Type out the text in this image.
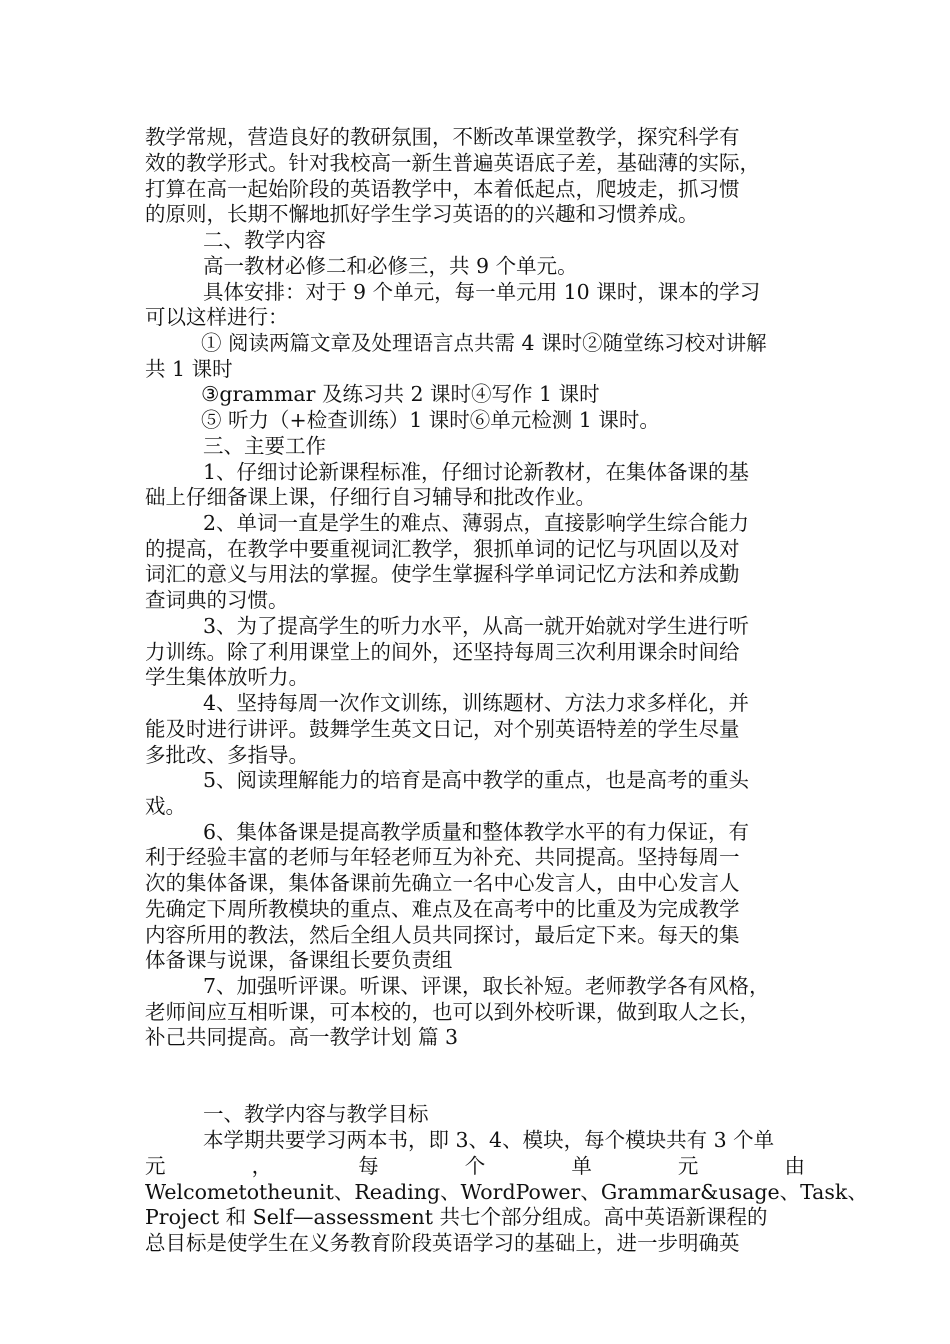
教学常规，营造良好的教研氛围，不断改革课堂教学，探究科学有

效的教学形式。针对我校高一新生普遍英语底子差，基础薄的实际，

打算在高一起始阶段的英语教学中，本着低起点，爬坡走，抓习惯

的原则，长期不懈地抓好学生学习英语的的兴趣和习惯养成。

二、教学内容

高一教材必修二和必修三，共 9 个单元。

具体安排：对于 9 个单元，每一单元用 10 课时，课本的学习

可以这样进行：

① 阅读两篇文章及处理语言点共需 4 课时②随堂练习校对讲解

共 1 课时

③grammar 及练习共 2 课时④写作 1 课时

⑤ 听力（+检查训练）1 课时⑥单元检测 1 课时。

三、主要工作

1、仔细讨论新课程标准，仔细讨论新教材，在集体备课的基

础上仔细备课上课，仔细行自习辅导和批改作业。

2、单词一直是学生的难点、薄弱点，直接影响学生综合能力

的提高，在教学中要重视词汇教学，狠抓单词的记忆与巩固以及对

词汇的意义与用法的掌握。使学生掌握科学单词记忆方法和养成勤

查词典的习惯。

3、为了提高学生的听力水平，从高一就开始就对学生进行听

力训练。除了利用课堂上的间外，还坚持每周三次利用课余时间给

学生集体放听力。

4、坚持每周一次作文训练，训练题材、方法力求多样化，并

能及时进行讲评。鼓舞学生英文日记，对个别英语特差的学生尽量

多批改、多指导。

5、阅读理解能力的培育是高中教学的重点，也是高考的重头

戏。

6、集体备课是提高教学质量和整体教学水平的有力保证，有

利于经验丰富的老师与年轻老师互为补充、共同提高。坚持每周一

次的集体备课，集体备课前先确立一名中心发言人，由中心发言人

先确定下周所教模块的重点、难点及在高考中的比重及为完成教学

内容所用的教法，然后全组人员共同探讨，最后定下来。每天的集

体备课与说课，备课组长要负责组

7、加强听评课。听课、评课，取长补短。老师教学各有风格，

老师间应互相听课，可本校的，也可以到外校听课，做到取人之长，

补己共同提高。高一教学计划 篇 3

一、教学内容与教学目标

本学期共要学习两本书，即 3、4、模块，每个模块共有 3 个单

元	，	每	个	单	元	由

Welcometotheunit、Reading、WordPower、Grammar&usage、Task、

Project 和 Self—assessment 共七个部分组成。高中英语新课程的

总目标是使学生在义务教育阶段英语学习的基础上，进一步明确英
